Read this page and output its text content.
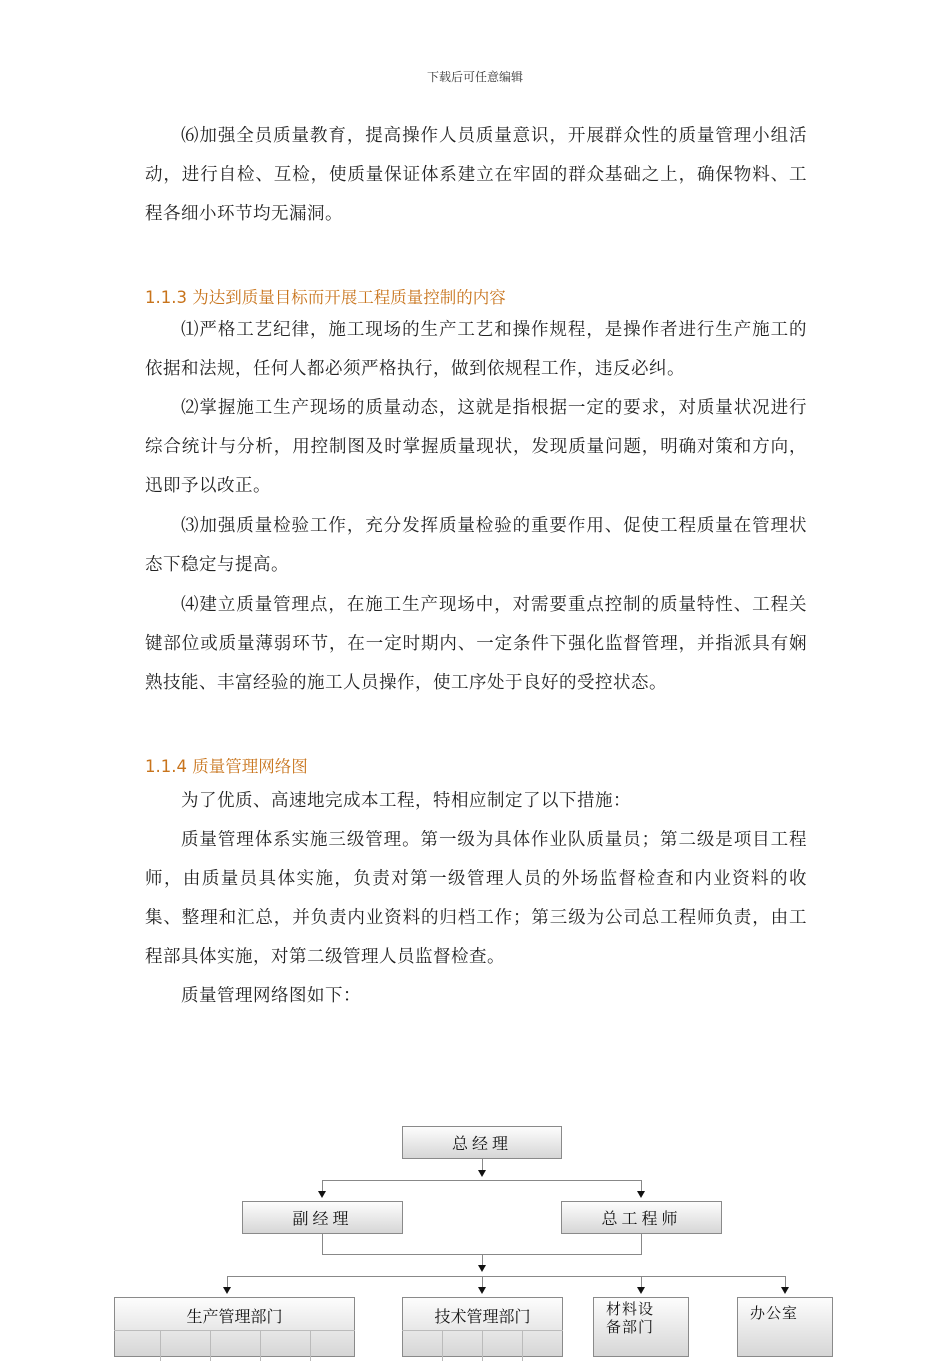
下载后可任意编辑

⑹加强全员质量教育，提高操作人员质量意识，开展群众性的质量管理小组活动，进行自检、互检，使质量保证体系建立在牢固的群众基础之上，确保物料、工程各细小环节均无漏洞。

1.1.3 为达到质量目标而开展工程质量控制的内容

⑴严格工艺纪律，施工现场的生产工艺和操作规程，是操作者进行生产施工的依据和法规，任何人都必须严格执行，做到依规程工作，违反必纠。

⑵掌握施工生产现场的质量动态，这就是指根据一定的要求，对质量状况进行综合统计与分析，用控制图及时掌握质量现状，发现质量问题，明确对策和方向，迅即予以改正。

⑶加强质量检验工作，充分发挥质量检验的重要作用、促使工程质量在管理状态下稳定与提高。

⑷建立质量管理点，在施工生产现场中，对需要重点控制的质量特性、工程关键部位或质量薄弱环节，在一定时期内、一定条件下强化监督管理，并指派具有娴熟技能、丰富经验的施工人员操作，使工序处于良好的受控状态。

1.1.4 质量管理网络图

为了优质、高速地完成本工程，特相应制定了以下措施：

质量管理体系实施三级管理。第一级为具体作业队质量员；第二级是项目工程师，由质量员具体实施，负责对第一级管理人员的外场监督检查和内业资料的收集、整理和汇总，并负责内业资料的归档工作；第三级为公司总工程师负责，由工程部具体实施，对第二级管理人员监督检查。

质量管理网络图如下：

总经理
副经理	总工程师
生产管理部门	技术管理部门	材料设备部门
办公室
